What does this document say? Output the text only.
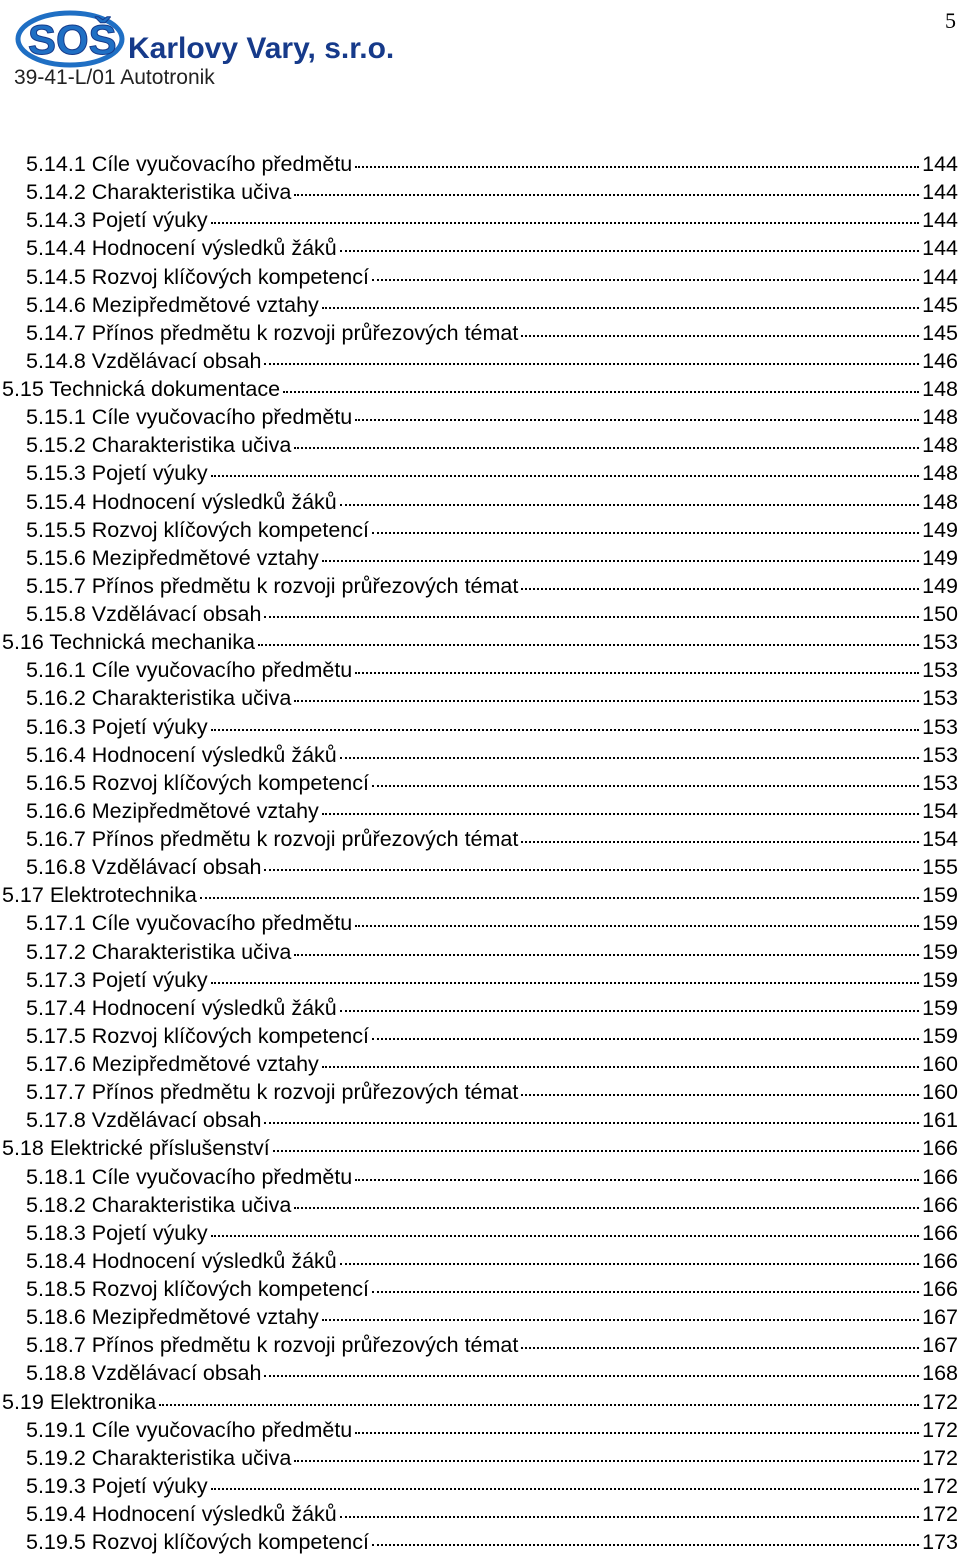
SOŠ Karlovy Vary, s.r.o.
39-41-L/01 Autotronik
5
5.14.1 Cíle vyučovacího předmětu	144
5.14.2 Charakteristika učiva	144
5.14.3 Pojetí výuky	144
5.14.4 Hodnocení výsledků žáků	144
5.14.5 Rozvoj klíčových kompetencí	144
5.14.6 Mezipředmětové vztahy	145
5.14.7 Přínos předmětu k rozvoji průřezových témat	145
5.14.8 Vzdělávací obsah	146
5.15 Technická dokumentace	148
5.15.1 Cíle vyučovacího předmětu	148
5.15.2 Charakteristika učiva	148
5.15.3 Pojetí výuky	148
5.15.4 Hodnocení výsledků žáků	148
5.15.5 Rozvoj klíčových kompetencí	149
5.15.6 Mezipředmětové vztahy	149
5.15.7 Přínos předmětu k rozvoji průřezových témat	149
5.15.8 Vzdělávací obsah	150
5.16 Technická mechanika	153
5.16.1 Cíle vyučovacího předmětu	153
5.16.2 Charakteristika učiva	153
5.16.3 Pojetí výuky	153
5.16.4 Hodnocení výsledků žáků	153
5.16.5 Rozvoj klíčových kompetencí	153
5.16.6 Mezipředmětové vztahy	154
5.16.7 Přínos předmětu k rozvoji průřezových témat	154
5.16.8 Vzdělávací obsah	155
5.17 Elektrotechnika	159
5.17.1 Cíle vyučovacího předmětu	159
5.17.2 Charakteristika učiva	159
5.17.3 Pojetí výuky	159
5.17.4 Hodnocení výsledků žáků	159
5.17.5 Rozvoj klíčových kompetencí	159
5.17.6 Mezipředmětové vztahy	160
5.17.7 Přínos předmětu k rozvoji průřezových témat	160
5.17.8 Vzdělávací obsah	161
5.18 Elektrické příslušenství	166
5.18.1 Cíle vyučovacího předmětu	166
5.18.2 Charakteristika učiva	166
5.18.3 Pojetí výuky	166
5.18.4 Hodnocení výsledků žáků	166
5.18.5 Rozvoj klíčových kompetencí	166
5.18.6 Mezipředmětové vztahy	167
5.18.7 Přínos předmětu k rozvoji průřezových témat	167
5.18.8 Vzdělávací obsah	168
5.19 Elektronika	172
5.19.1 Cíle vyučovacího předmětu	172
5.19.2 Charakteristika učiva	172
5.19.3 Pojetí výuky	172
5.19.4 Hodnocení výsledků žáků	172
5.19.5 Rozvoj klíčových kompetencí	173
